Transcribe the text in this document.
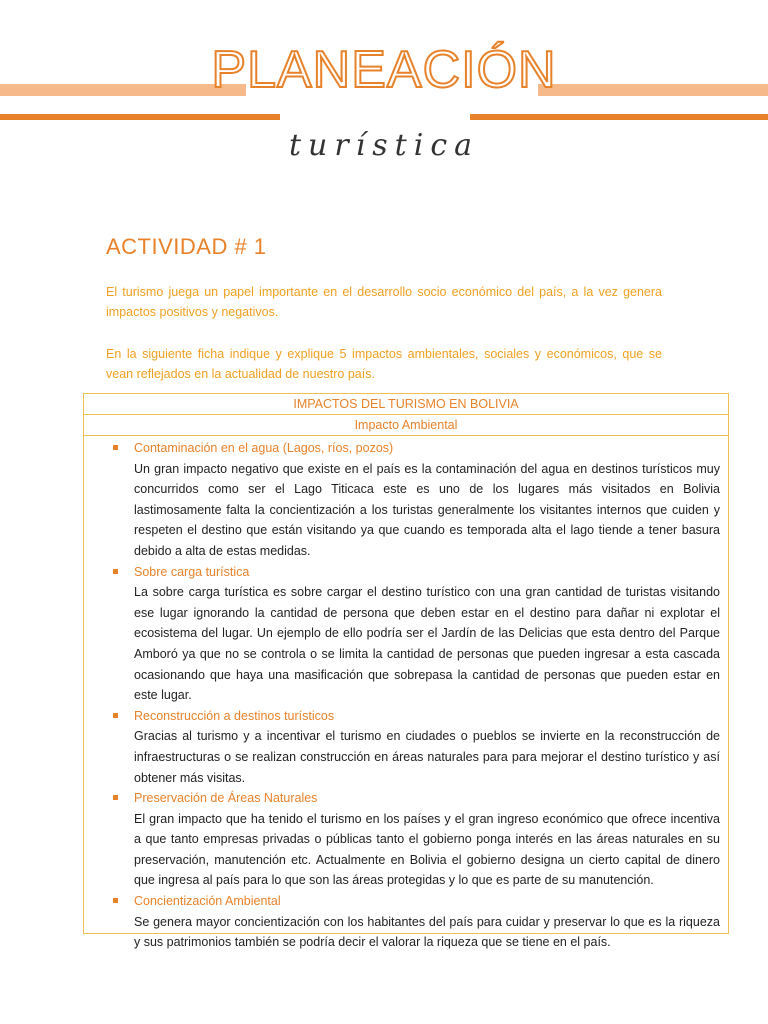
PLANEACIÓN
turística
ACTIVIDAD # 1
El turismo juega un papel importante en el desarrollo socio económico del país, a la vez genera impactos positivos y negativos.
En la siguiente ficha indique y explique 5 impactos ambientales, sociales y económicos, que se vean reflejados en la actualidad de nuestro país.
IMPACTOS DEL TURISMO EN BOLIVIA
Impacto Ambiental
Contaminación en el agua (Lagos, ríos, pozos)
Un gran impacto negativo que existe en el país es la contaminación del agua en destinos turísticos muy concurridos como ser el Lago Titicaca este es uno de los lugares más visitados en Bolivia lastimosamente falta la concientización a los turistas generalmente los visitantes internos que cuiden y respeten el destino que están visitando ya que cuando es temporada alta el lago tiende a tener basura debido a alta de estas medidas.
Sobre carga turística
La sobre carga turística es sobre cargar el destino turístico con una gran cantidad de turistas visitando ese lugar ignorando la cantidad de persona que deben estar en el destino para dañar ni explotar el ecosistema del lugar. Un ejemplo de ello podría ser el Jardín de las Delicias que esta dentro del Parque Amboró ya que no se controla o se limita la cantidad de personas que pueden ingresar a esta cascada ocasionando que haya una masificación que sobrepasa la cantidad de personas que pueden estar en este lugar.
Reconstrucción a destinos turísticos
Gracias al turismo y a incentivar el turismo en ciudades o pueblos se invierte en la reconstrucción de infraestructuras o se realizan construcción en áreas naturales para para mejorar el destino turístico y así obtener más visitas.
Preservación de Áreas Naturales
El gran impacto que ha tenido el turismo en los países y el gran ingreso económico que ofrece incentiva a que tanto empresas privadas o públicas tanto el gobierno ponga interés en las áreas naturales en su preservación, manutención etc. Actualmente en Bolivia el gobierno designa un cierto capital de dinero que ingresa al país para lo que son las áreas protegidas y lo que es parte de su manutención.
Concientización Ambiental
Se genera mayor concientización con los habitantes del país para cuidar y preservar lo que es la riqueza y sus patrimonios también se podría decir el valorar la riqueza que se tiene en el país.
